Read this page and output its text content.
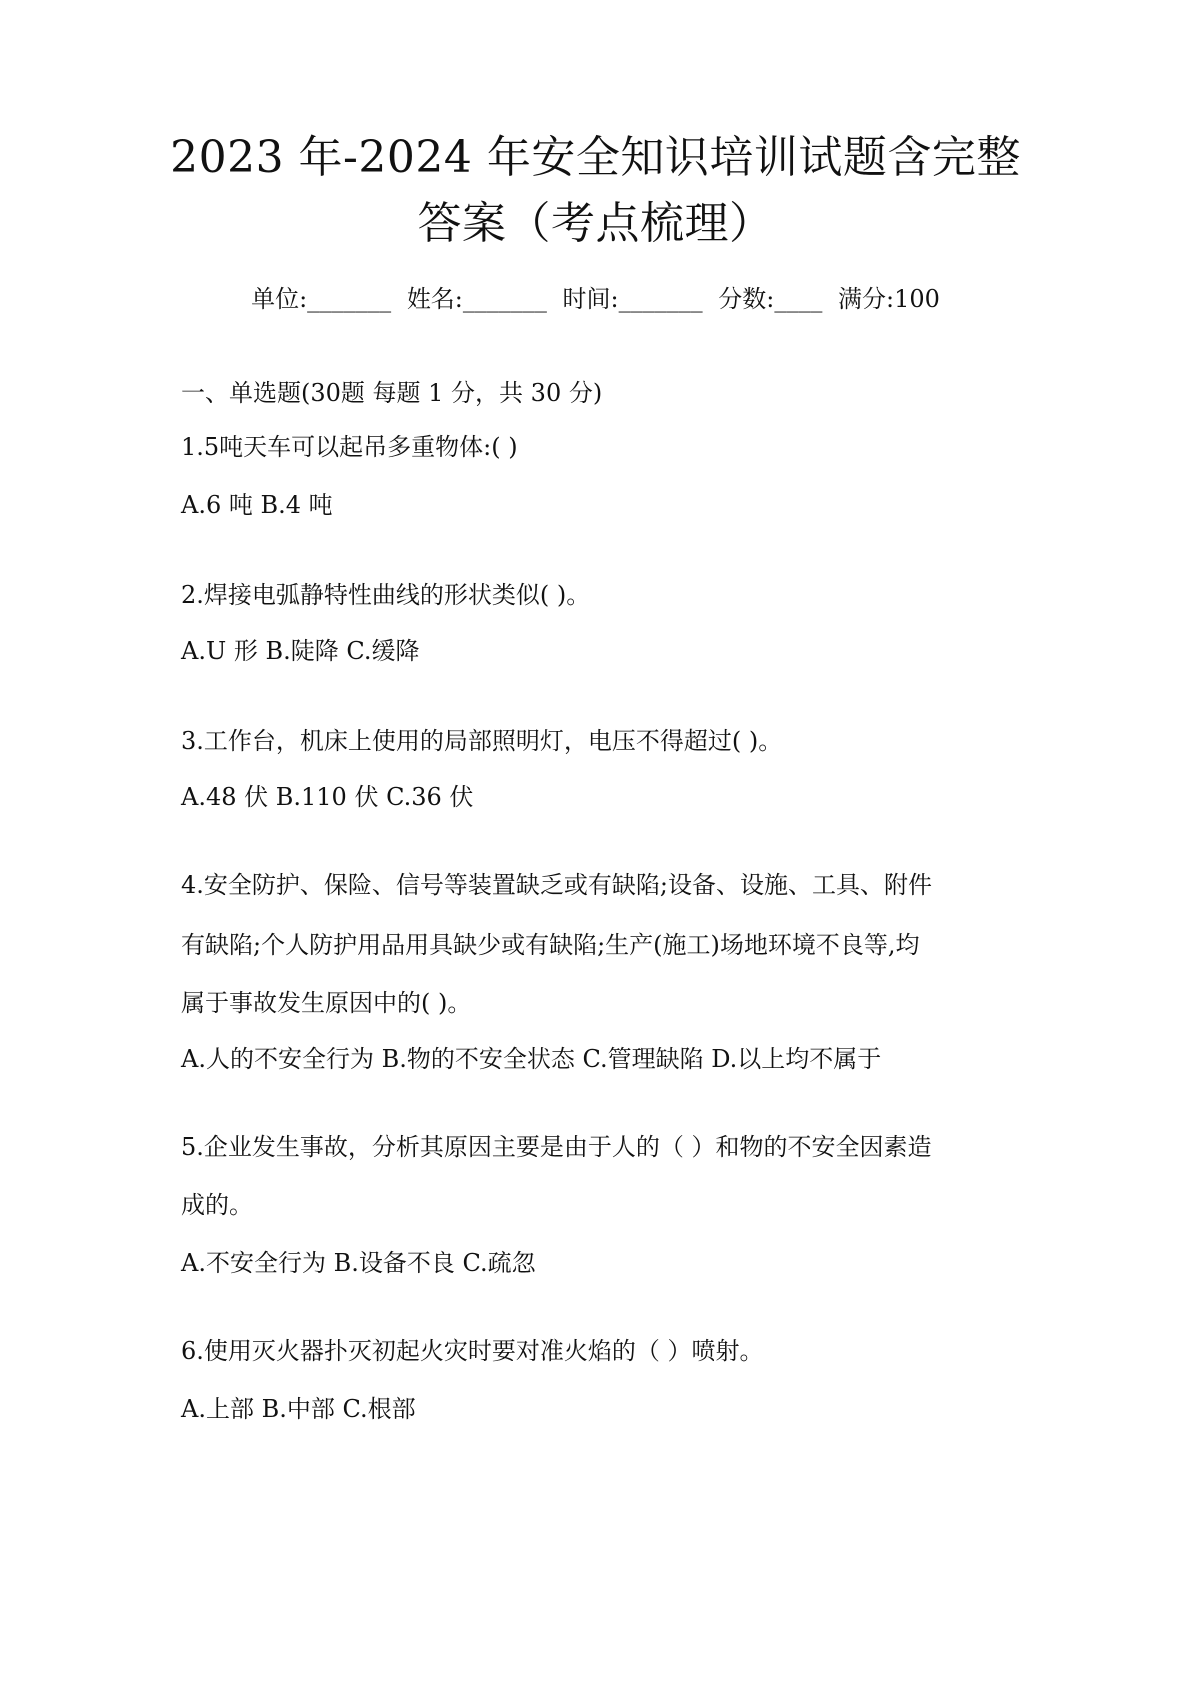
2023 年-2024 年安全知识培训试题含完整
答案（考点梳理）
单位:_______ 姓名:_______ 时间:_______ 分数:____ 满分:100
一、单选题(30题 每题 1 分，共 30 分)
1.5吨天车可以起吊多重物体:( )
A.6 吨 B.4 吨
2.焊接电弧静特性曲线的形状类似( )。
A.U 形 B.陡降 C.缓降
3.工作台，机床上使用的局部照明灯，电压不得超过( )。
A.48 伏 B.110 伏 C.36 伏
4.安全防护、保险、信号等装置缺乏或有缺陷;设备、设施、工具、附件
有缺陷;个人防护用品用具缺少或有缺陷;生产(施工)场地环境不良等,均
属于事故发生原因中的( )。
A.人的不安全行为 B.物的不安全状态 C.管理缺陷 D.以上均不属于
5.企业发生事故，分析其原因主要是由于人的（ ）和物的不安全因素造
成的。
A.不安全行为 B.设备不良 C.疏忽
6.使用灭火器扑灭初起火灾时要对准火焰的（ ）喷射。
A.上部 B.中部 C.根部
